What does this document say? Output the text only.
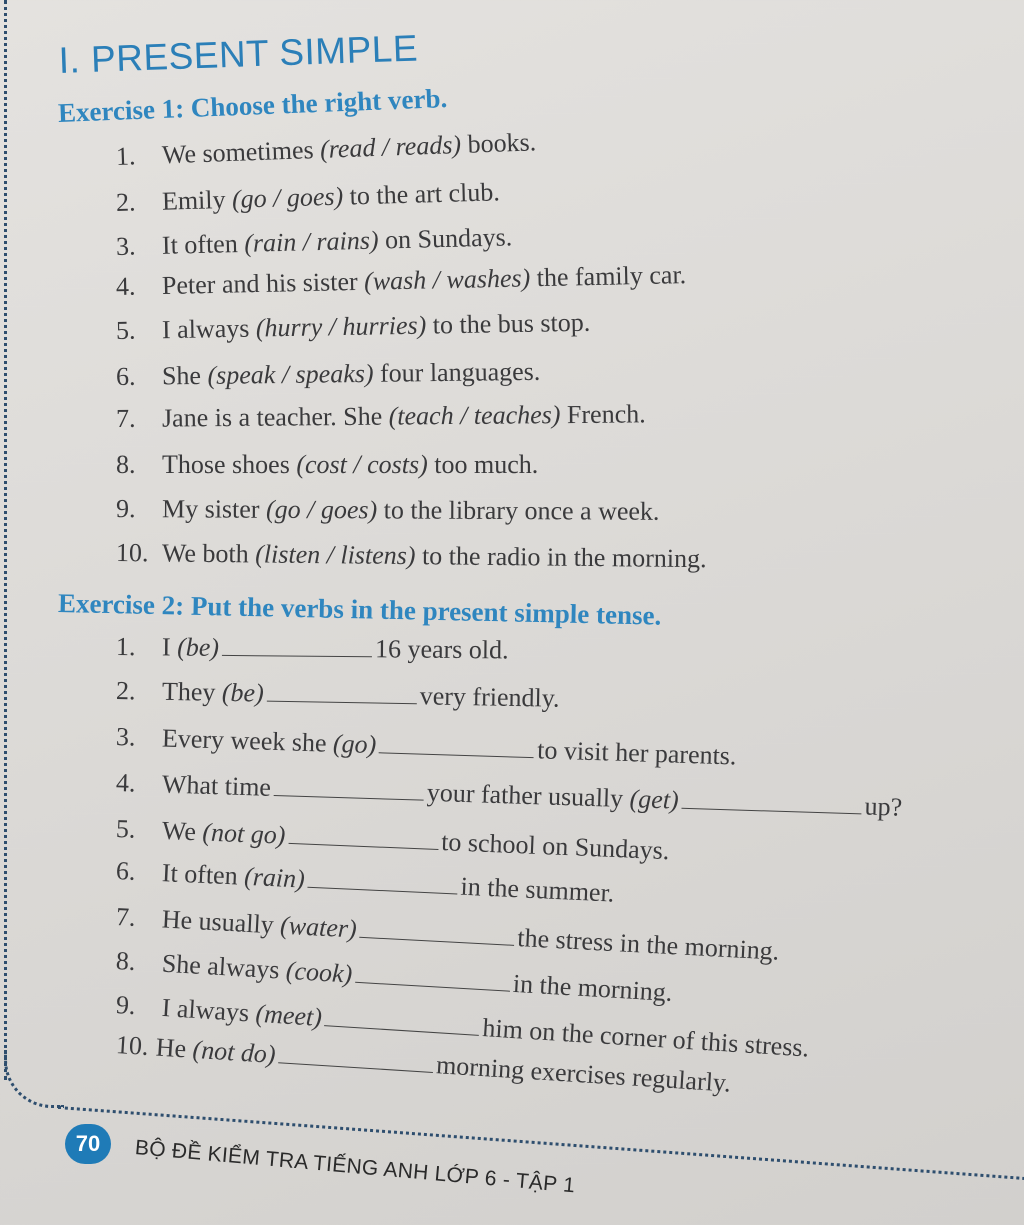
I. PRESENT SIMPLE
Exercise 1: Choose the right verb.
1. We sometimes (read / reads) books.
2. Emily (go / goes) to the art club.
3. It often (rain / rains) on Sundays.
4. Peter and his sister (wash / washes) the family car.
5. I always (hurry / hurries) to the bus stop.
6. She (speak / speaks) four languages.
7. Jane is a teacher. She (teach / teaches) French.
8. Those shoes (cost / costs) too much.
9. My sister (go / goes) to the library once a week.
10. We both (listen / listens) to the radio in the morning.
Exercise 2: Put the verbs in the present simple tense.
1. I (be)	16 years old.
2. They (be)	very friendly.
3. Every week she (go)	to visit her parents.
4. What time	your father usually (get)	up?
5. We (not go)	to school on Sundays.
6. It often (rain)	in the summer.
7. He usually (water)	the stress in the morning.
8. She always (cook)	in the morning.
9. I always (meet)	him on the corner of this stress.
10. He (not do)	morning exercises regularly.
70	BỘ ĐỀ KIỂM TRA TIẾNG ANH LỚP 6 - TẬP 1
